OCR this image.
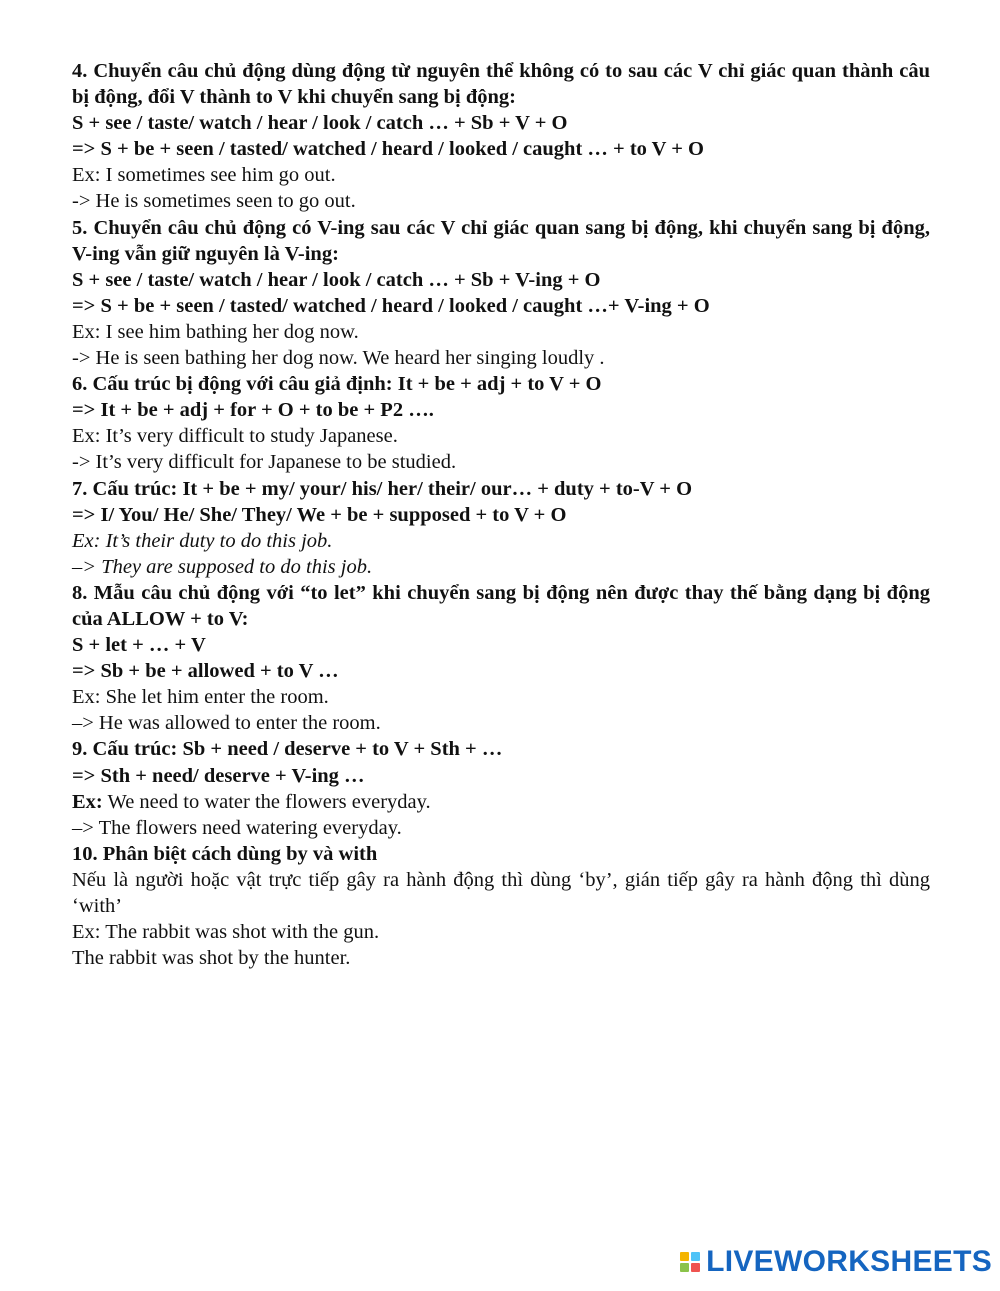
4. Chuyển câu chủ động dùng động từ nguyên thể không có to sau các V chỉ giác quan thành câu bị động, đổi V thành to V khi chuyển sang bị động:

S + see / taste/ watch / hear / look / catch … + Sb + V + O

=> S + be + seen / tasted/ watched / heard / looked / caught … + to V + O

Ex: I sometimes see him go out.

-> He is sometimes seen to go out.

5. Chuyển câu chủ động có V-ing sau các V chỉ giác quan sang bị động, khi chuyển sang bị động, V-ing vẫn giữ nguyên là V-ing:

S + see / taste/ watch / hear / look / catch … + Sb + V-ing + O

=> S + be + seen / tasted/ watched / heard / looked / caught …+ V-ing + O

Ex: I see him bathing her dog now.

-> He is seen bathing her dog now. We heard her singing loudly .

6. Cấu trúc bị động với câu giả định: It + be + adj + to V + O

=> It + be + adj + for + O + to be + P2 ….

Ex: It’s very difficult to study Japanese.

-> It’s very difficult for Japanese to be studied.

7. Cấu trúc: It + be + my/ your/ his/ her/ their/ our… + duty + to-V + O

=> I/ You/ He/ She/ They/ We + be + supposed + to V + O

Ex: It’s their duty to do this job.

–> They are supposed to do this job.

8. Mẫu câu chủ động với “to let” khi chuyển sang bị động nên được thay thế bằng dạng bị động của ALLOW + to V:

S + let + … + V

=> Sb + be + allowed + to V …

Ex: She let him enter the room.

–> He was allowed to enter the room.

9. Cấu trúc: Sb + need / deserve + to V + Sth + …

=> Sth + need/ deserve + V-ing …

Ex: We need to water the flowers everyday.

–> The flowers need watering everyday.

10. Phân biệt cách dùng by và with

Nếu là người hoặc vật trực tiếp gây ra hành động thì dùng ‘by’, gián tiếp gây ra hành động thì dùng ‘with’

Ex: The rabbit was shot with the gun.

The rabbit was shot by the hunter.

LIVEWORKSHEETS
